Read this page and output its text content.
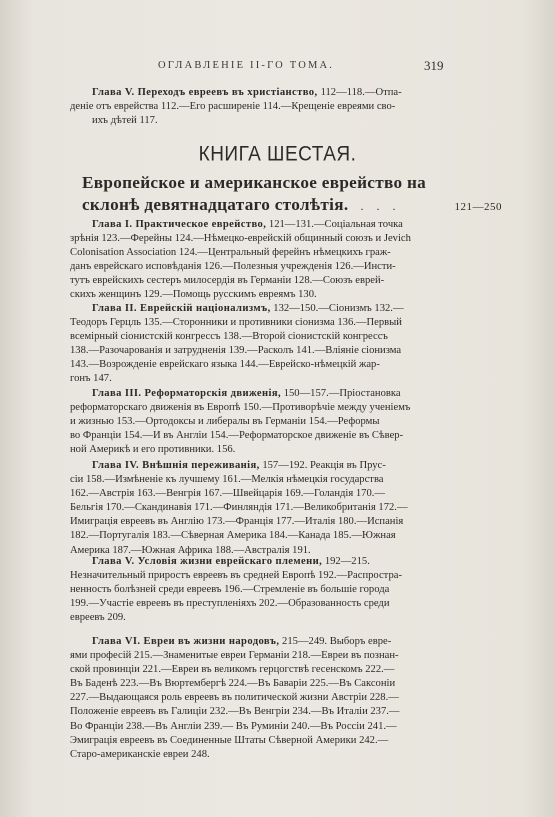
ОГЛАВЛЕНІЕ II-ГО ТОМА.	319
Глава V. Переходъ евреевъ въ христіанство, 112—118.—Отпа-
деніе отъ еврейства 112.—Его расширеніе 114.—Крещеніе евреями сво-
ихъ дѣтей 117.
КНИГА ШЕСТАЯ.
Европейское и американское еврейство на
склонѣ девятнадцатаго столѣтія. . . .	121—250
Глава І. Практическое еврейство, 121—131.—Соціальная точка
зрѣнія 123.—Ферейны 124.—Нѣмецко-еврейскій общинный союзъ и Jevich
Colonisation Association 124.—Центральный ферейнъ нѣмецкихъ граж-
данъ еврейскаго исповѣданія 126.—Полезныя учрежденія 126.—Инсти-
тутъ еврейскихъ сестеръ милосердія въ Германіи 128.—Союзъ еврей-
скихъ женщинъ 129.—Помощь русскимъ евреямъ 130.
Глава II. Еврейскій націонализмъ, 132—150.—Сіонизмъ 132.—
Теодоръ Герцль 135.—Сторонники и противники сіонизма 136.—Первый
всемірный сіонистскій конгрессъ 138.—Второй сіонистскій конгрессъ
138.—Разочарованія и затрудненія 139.—Расколъ 141.—Вліяніе сіонизма
143.—Возрожденіе еврейскаго языка 144.—Еврейско-нѣмецкій жар-
гонъ 147.
Глава III. Реформаторскія движенія, 150—157.—Пріостановка
реформаторскаго движенія въ Европѣ 150.—Противорѣчіе между ученіемъ
и жизнью 153.—Ортодоксы и либералы въ Германіи 154.—Реформы
во Франціи 154.—И въ Англіи 154.—Реформаторское движеніе въ Сѣвер-
ной Америкѣ и его противники. 156.
Глава IV. Внѣшнія переживанія, 157—192. Реакція въ Прус-
сіи 158.—Измѣненіе къ лучшему 161.—Мелкія нѣмецкія государства
162.—Австрія 163.—Венгрія 167.—Швейцарія 169.—Голандія 170.—
Бельгія 170.—Скандинавія 171.—Финляндія 171.—Великобританія 172.—
Имиграція евреевъ въ Англію 173.—Франція 177.—Италія 180.—Испанія
182.—Португалія 183.—Сѣверная Америка 184.—Канада 185.—Южная
Америка 187.—Южная Африка 188.—Австралія 191.
Глава V. Условія жизни еврейскаго племени, 192—215.
Незначительный приростъ евреевъ въ средней Европѣ 192.—Распростра-
ненность болѣзней среди евреевъ 196.—Стремленіе въ большіе города
199.—Участіе евреевъ въ преступленіяхъ 202.—Образованность среди
евреевъ 209.
Глава VI. Евреи въ жизни народовъ, 215—249. Выборъ евре-
ями професій 215.—Знаменитые евреи Германіи 218.—Евреи въ познан-
ской провинціи 221.—Евреи въ великомъ герцогствѣ гесенскомъ 222.—
Въ Баденѣ 223.—Въ Вюртембергѣ 224.—Въ Баваріи 225.—Въ Саксоніи
227.—Выдающаяся роль евреевъ въ политической жизни Австріи 228.—
Положеніе евреевъ въ Галиціи 232.—Въ Венгріи 234.—Въ Италіи 237.—
Во Франціи 238.—Въ Англіи 239.— Въ Руминіи 240.—Въ Россіи 241.—
Эмиграція евреевъ въ Соединенные Штаты Сѣверной Америки 242.—
Старо-американскіе евреи 248.
